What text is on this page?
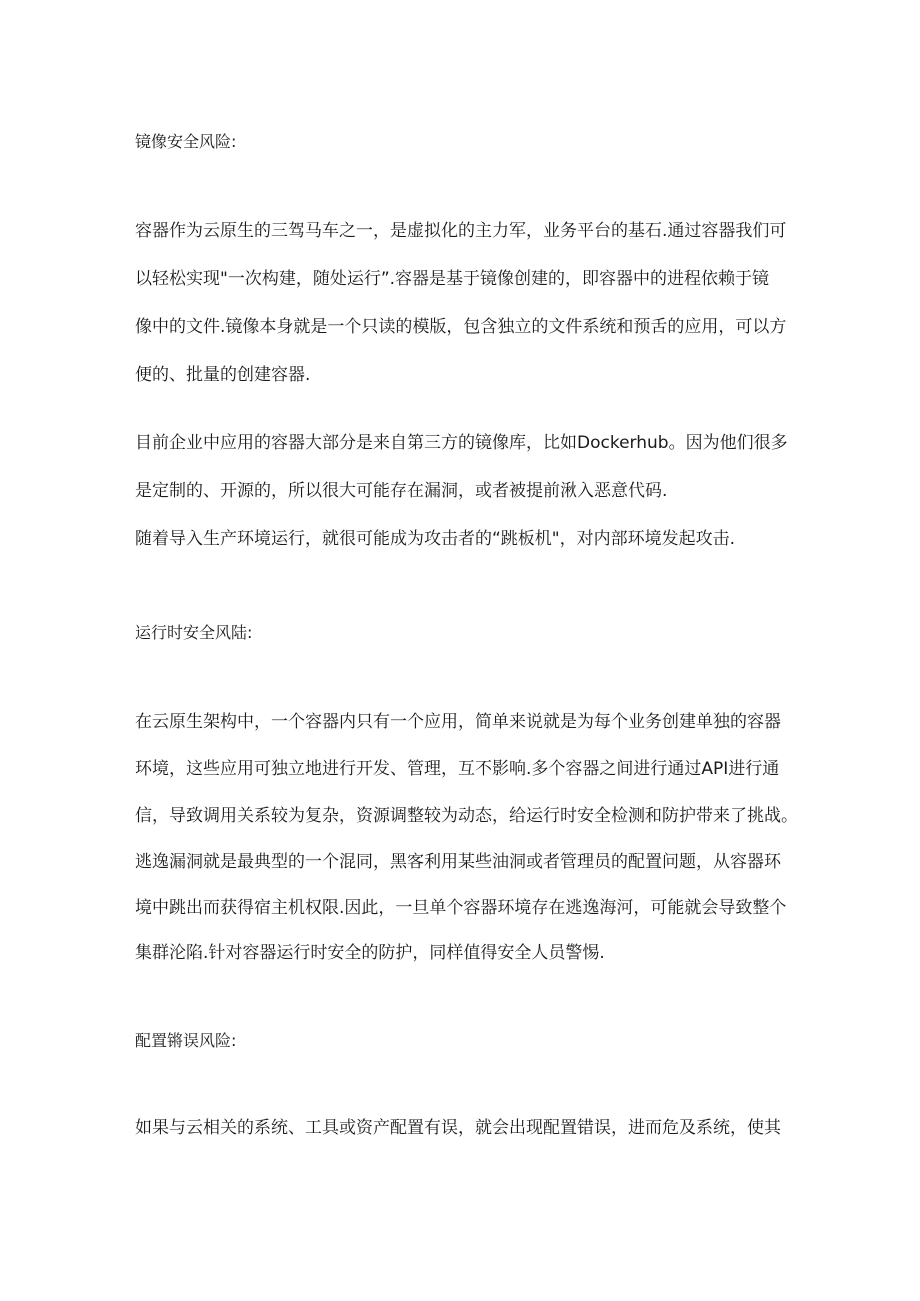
镜像安全风险:

容器作为云原生的三驾马车之一，是虚拟化的主力军，业务平台的基石.通过容器我们可

以轻松实现"一次构建，随处运行”.容器是基于镜像创建的，即容器中的进程依赖于镜

像中的文件.镜像本身就是一个只读的模版，包含独立的文件系统和预舌的应用，可以方

便的、批量的创建容器.

目前企业中应用的容器大部分是来自第三方的镜像库，比如Dockerhub。因为他们很多

是定制的、开源的，所以很大可能存在漏洞，或者被提前湫入恶意代码.

随着导入生产环境运行，就很可能成为攻击者的“跳板机"，对内部环境发起攻击.

运行时安全风陆:

在云原生架构中，一个容器内只有一个应用，简单来说就是为每个业务创建单独的容器

环境，这些应用可独立地进行开发、管理，互不影响.多个容器之间进行通过API进行通

信，导致调用关系较为复杂，资源调整较为动态，给运行时安全检测和防护带来了挑战。

逃逸漏洞就是最典型的一个混同，黑客利用某些油洞或者管理员的配置问题，从容器环

境中跳出而获得宿主机权限.因此，一旦单个容器环境存在逃逸海河，可能就会导致整个

集群沦陷.针对容器运行时安全的防护，同样值得安全人员警惕.

配置锵误风险:

如果与云相关的系统、工具或资产配置有误，就会出现配置错误，进而危及系统，使其
